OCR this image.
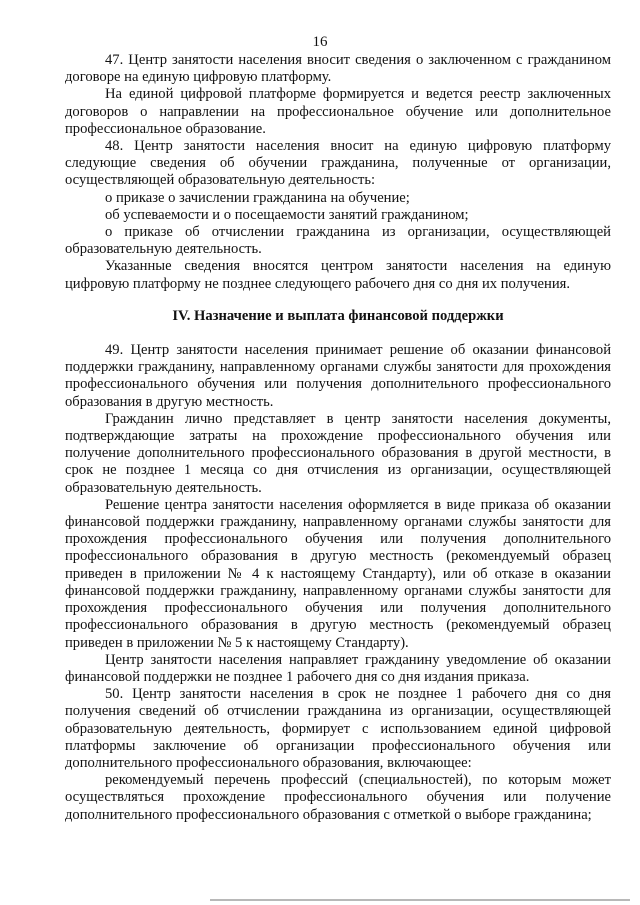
16

47. Центр занятости населения вносит сведения о заключенном с гражданином договоре на единую цифровую платформу.

На единой цифровой платформе формируется и ведется реестр заключенных договоров о направлении на профессиональное обучение или дополнительное профессиональное образование.

48. Центр занятости населения вносит на единую цифровую платформу следующие сведения об обучении гражданина, полученные от организации, осуществляющей образовательную деятельность:

о приказе о зачислении гражданина на обучение;

об успеваемости и о посещаемости занятий гражданином;

о приказе об отчислении гражданина из организации, осуществляющей образовательную деятельность.

Указанные сведения вносятся центром занятости населения на единую цифровую платформу не позднее следующего рабочего дня со дня их получения.

IV. Назначение и выплата финансовой поддержки

49. Центр занятости населения принимает решение об оказании финансовой поддержки гражданину, направленному органами службы занятости для прохождения профессионального обучения или получения дополнительного профессионального образования в другую местность.

Гражданин лично представляет в центр занятости населения документы, подтверждающие затраты на прохождение профессионального обучения или получение дополнительного профессионального образования в другой местности, в срок не позднее 1 месяца со дня отчисления из организации, осуществляющей образовательную деятельность.

Решение центра занятости населения оформляется в виде приказа об оказании финансовой поддержки гражданину, направленному органами службы занятости для прохождения профессионального обучения или получения дополнительного профессионального образования в другую местность (рекомендуемый образец приведен в приложении № 4 к настоящему Стандарту), или об отказе в оказании финансовой поддержки гражданину, направленному органами службы занятости для прохождения профессионального обучения или получения дополнительного профессионального образования в другую местность (рекомендуемый образец приведен в приложении № 5 к настоящему Стандарту).

Центр занятости населения направляет гражданину уведомление об оказании финансовой поддержки не позднее 1 рабочего дня со дня издания приказа.

50. Центр занятости населения в срок не позднее 1 рабочего дня со дня получения сведений об отчислении гражданина из организации, осуществляющей образовательную деятельность, формирует с использованием единой цифровой платформы заключение об организации профессионального обучения или дополнительного профессионального образования, включающее:

рекомендуемый перечень профессий (специальностей), по которым может осуществляться прохождение профессионального обучения или получение дополнительного профессионального образования с отметкой о выборе гражданина;
